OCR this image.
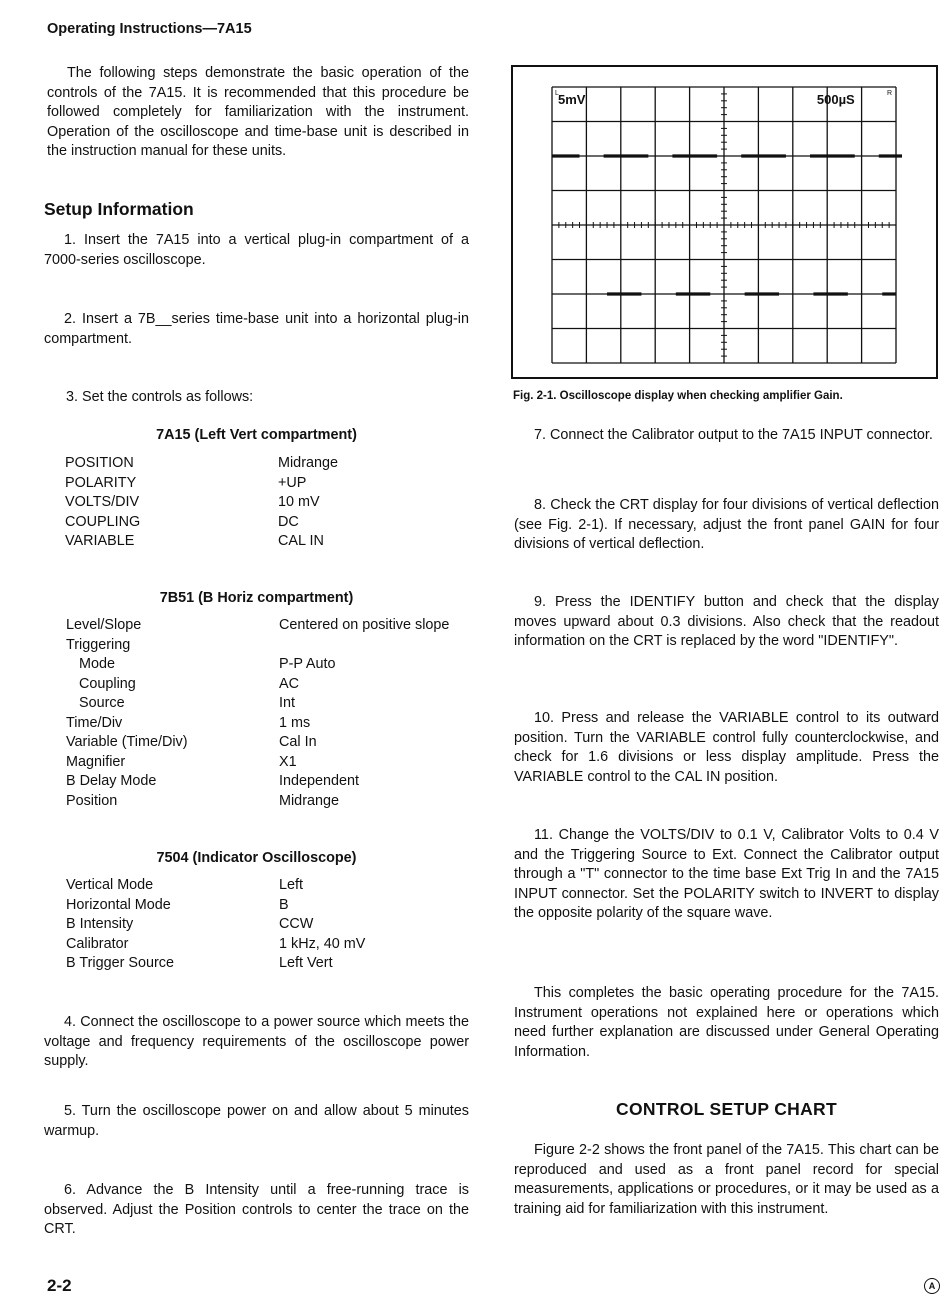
Operating Instructions—7A15
The following steps demonstrate the basic operation of the controls of the 7A15. It is recommended that this procedure be followed completely for familiarization with the instrument. Operation of the oscilloscope and time-base unit is described in the instruction manual for these units.
Setup Information
1. Insert the 7A15 into a vertical plug-in compartment of a 7000-series oscilloscope.
2. Insert a 7B__series time-base unit into a horizontal plug-in compartment.
3. Set the controls as follows:
7A15 (Left Vert compartment)
POSITION	Midrange
POLARITY	+UP
VOLTS/DIV	10 mV
COUPLING	DC
VARIABLE	CAL IN
7B51 (B Horiz compartment)
Level/Slope	Centered on positive slope
Triggering
Mode	P-P Auto
Coupling	AC
Source	Int
Time/Div	1 ms
Variable (Time/Div)	Cal In
Magnifier	X1
B Delay Mode	Independent
Position	Midrange
7504 (Indicator Oscilloscope)
Vertical Mode	Left
Horizontal Mode	B
B Intensity	CCW
Calibrator	1 kHz, 40 mV
B Trigger Source	Left Vert
4. Connect the oscilloscope to a power source which meets the voltage and frequency requirements of the oscilloscope power supply.
5. Turn the oscilloscope power on and allow about 5 minutes warmup.
6. Advance the B Intensity until a free-running trace is observed. Adjust the Position controls to center the trace on the CRT.
5mV	500µS
L	R
Fig. 2-1. Oscilloscope display when checking amplifier Gain.
7. Connect the Calibrator output to the 7A15 INPUT connector.
8. Check the CRT display for four divisions of vertical deflection (see Fig. 2-1). If necessary, adjust the front panel GAIN for four divisions of vertical deflection.
9. Press the IDENTIFY button and check that the display moves upward about 0.3 divisions. Also check that the readout information on the CRT is replaced by the word "IDENTIFY".
10. Press and release the VARIABLE control to its outward position. Turn the VARIABLE control fully counterclockwise, and check for 1.6 divisions or less display amplitude. Press the VARIABLE control to the CAL IN position.
11. Change the VOLTS/DIV to 0.1 V, Calibrator Volts to 0.4 V and the Triggering Source to Ext. Connect the Calibrator output through a "T" connector to the time base Ext Trig In and the 7A15 INPUT connector. Set the POLARITY switch to INVERT to display the opposite polarity of the square wave.
This completes the basic operating procedure for the 7A15. Instrument operations not explained here or operations which need further explanation are discussed under General Operating Information.
CONTROL SETUP CHART
Figure 2-2 shows the front panel of the 7A15. This chart can be reproduced and used as a front panel record for special measurements, applications or procedures, or it may be used as a training aid for familiarization with this instrument.
2-2	A
